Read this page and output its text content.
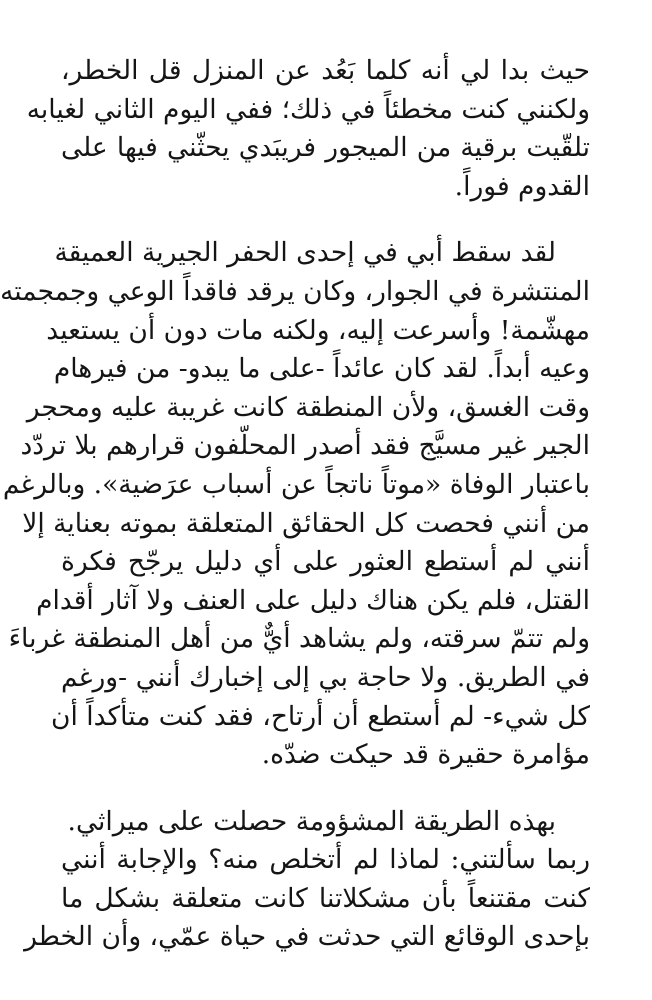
حيث بدا لي أنه كلما بَعُد عن المنزل قل الخطر،
ولكنني كنت مخطئاً في ذلك؛ ففي اليوم الثاني لغيابه
تلقّيت برقية من الميجور فريبَدي يحثّني فيها على
القدوم فوراً.
لقد سقط أبي في إحدى الحفر الجيرية العميقة
المنتشرة في الجوار، وكان يرقد فاقداً الوعي وجمجمته
مهشّمة! وأسرعت إليه، ولكنه مات دون أن يستعيد
وعيه أبداً. لقد كان عائداً -على ما يبدو- من فيرهام
وقت الغسق، ولأن المنطقة كانت غريبة عليه ومحجر
الجير غير مسيَّج فقد أصدر المحلّفون قرارهم بلا تردّد
باعتبار الوفاة «موتاً ناتجاً عن أسباب عرَضية». وبالرغم
من أنني فحصت كل الحقائق المتعلقة بموته بعناية إلا
أنني لم أستطع العثور على أي دليل يرجّح فكرة
القتل، فلم يكن هناك دليل على العنف ولا آثار أقدام
ولم تتمّ سرقته، ولم يشاهد أيٌّ من أهل المنطقة غرباءَ
في الطريق. ولا حاجة بي إلى إخبارك أنني -ورغم
كل شيء- لم أستطع أن أرتاح، فقد كنت متأكداً أن
مؤامرة حقيرة قد حيكت ضدّه.
بهذه الطريقة المشؤومة حصلت على ميراثي.
ربما سألتني: لماذا لم أتخلص منه؟ والإجابة أنني
كنت مقتنعاً بأن مشكلاتنا كانت متعلقة بشكل ما
بإحدى الوقائع التي حدثت في حياة عمّي، وأن الخطر
